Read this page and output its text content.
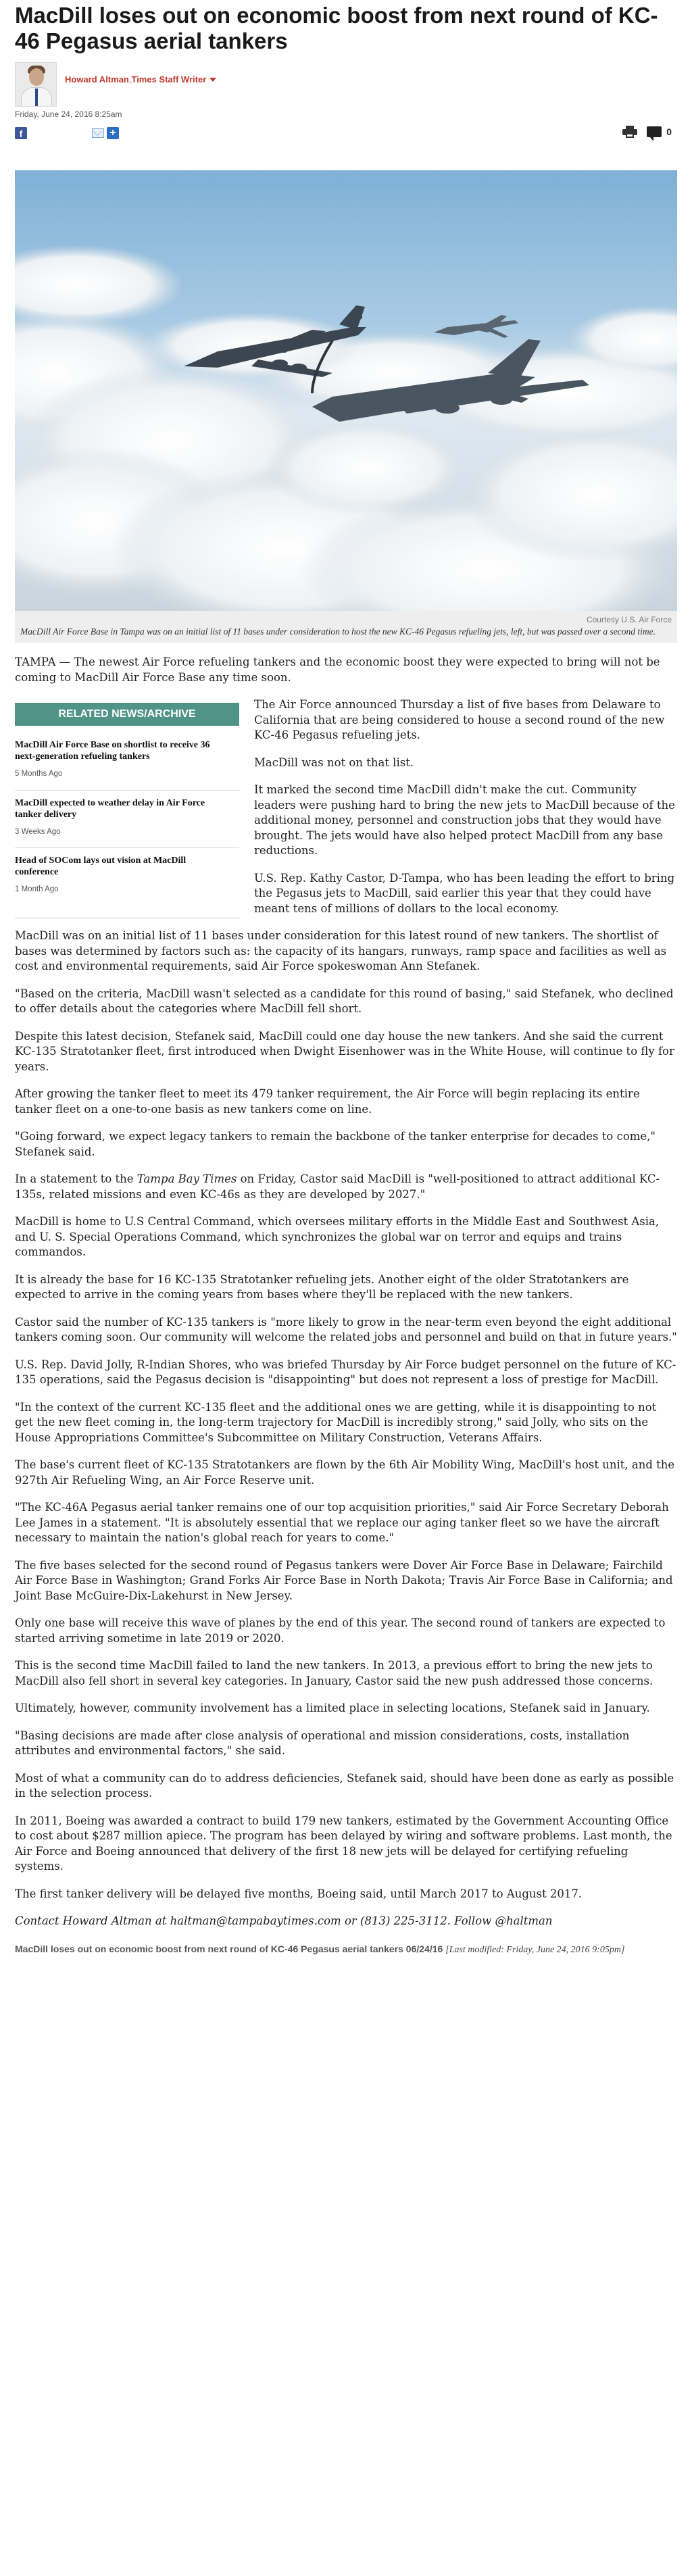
MacDill loses out on economic boost from next round of KC-46 Pegasus aerial tankers
Howard Altman , Times Staff Writer
Friday, June 24, 2016 8:25am
f	+	0
Courtesy U.S. Air Force
MacDill Air Force Base in Tampa was on an initial list of 11 bases under consideration to host the new KC-46 Pegasus refueling jets, left, but was passed over a second time.

TAMPA — The newest Air Force refueling tankers and the economic boost they were expected to bring will not be coming to MacDill Air Force Base any time soon.

RELATED NEWS/ARCHIVE
MacDill Air Force Base on shortlist to receive 36 next-generation refueling tankers
5 Months Ago
MacDill expected to weather delay in Air Force tanker delivery
3 Weeks Ago
Head of SOCom lays out vision at MacDill conference
1 Month Ago

The Air Force announced Thursday a list of five bases from Delaware to California that are being considered to house a second round of the new KC-46 Pegasus refueling jets.

MacDill was not on that list.

It marked the second time MacDill didn't make the cut. Community leaders were pushing hard to bring the new jets to MacDill because of the additional money, personnel and construction jobs that they would have brought. The jets would have also helped protect MacDill from any base reductions.

U.S. Rep. Kathy Castor, D-Tampa, who has been leading the effort to bring the Pegasus jets to MacDill, said earlier this year that they could have meant tens of millions of dollars to the local economy.

MacDill was on an initial list of 11 bases under consideration for this latest round of new tankers. The shortlist of bases was determined by factors such as: the capacity of its hangars, runways, ramp space and facilities as well as cost and environmental requirements, said Air Force spokeswoman Ann Stefanek.

"Based on the criteria, MacDill wasn't selected as a candidate for this round of basing," said Stefanek, who declined to offer details about the categories where MacDill fell short.

Despite this latest decision, Stefanek said, MacDill could one day house the new tankers. And she said the current KC-135 Stratotanker fleet, first introduced when Dwight Eisenhower was in the White House, will continue to fly for years.

After growing the tanker fleet to meet its 479 tanker requirement, the Air Force will begin replacing its entire tanker fleet on a one-to-one basis as new tankers come on line.

"Going forward, we expect legacy tankers to remain the backbone of the tanker enterprise for decades to come," Stefanek said.

In a statement to the Tampa Bay Times on Friday, Castor said MacDill is "well-positioned to attract additional KC-135s, related missions and even KC-46s as they are developed by 2027."

MacDill is home to U.S Central Command, which oversees military efforts in the Middle East and Southwest Asia, and U. S. Special Operations Command, which synchronizes the global war on terror and equips and trains commandos.

It is already the base for 16 KC-135 Stratotanker refueling jets. Another eight of the older Stratotankers are expected to arrive in the coming years from bases where they'll be replaced with the new tankers.

Castor said the number of KC-135 tankers is "more likely to grow in the near-term even beyond the eight additional tankers coming soon. Our community will welcome the related jobs and personnel and build on that in future years."

U.S. Rep. David Jolly, R-Indian Shores, who was briefed Thursday by Air Force budget personnel on the future of KC-135 operations, said the Pegasus decision is "disappointing" but does not represent a loss of prestige for MacDill.

"In the context of the current KC-135 fleet and the additional ones we are getting, while it is disappointing to not get the new fleet coming in, the long-term trajectory for MacDill is incredibly strong," said Jolly, who sits on the House Appropriations Committee's Subcommittee on Military Construction, Veterans Affairs.

The base's current fleet of KC-135 Stratotankers are flown by the 6th Air Mobility Wing, MacDill's host unit, and the 927th Air Refueling Wing, an Air Force Reserve unit.

"The KC-46A Pegasus aerial tanker remains one of our top acquisition priorities," said Air Force Secretary Deborah Lee James in a statement. "It is absolutely essential that we replace our aging tanker fleet so we have the aircraft necessary to maintain the nation's global reach for years to come."

The five bases selected for the second round of Pegasus tankers were Dover Air Force Base in Delaware; Fairchild Air Force Base in Washington; Grand Forks Air Force Base in North Dakota; Travis Air Force Base in California; and Joint Base McGuire-Dix-Lakehurst in New Jersey.

Only one base will receive this wave of planes by the end of this year. The second round of tankers are expected to started arriving sometime in late 2019 or 2020.

This is the second time MacDill failed to land the new tankers. In 2013, a previous effort to bring the new jets to MacDill also fell short in several key categories. In January, Castor said the new push addressed those concerns.

Ultimately, however, community involvement has a limited place in selecting locations, Stefanek said in January.

"Basing decisions are made after close analysis of operational and mission considerations, costs, installation attributes and environmental factors," she said.

Most of what a community can do to address deficiencies, Stefanek said, should have been done as early as possible in the selection process.

In 2011, Boeing was awarded a contract to build 179 new tankers, estimated by the Government Accounting Office to cost about $287 million apiece. The program has been delayed by wiring and software problems. Last month, the Air Force and Boeing announced that delivery of the first 18 new jets will be delayed for certifying refueling systems.

The first tanker delivery will be delayed five months, Boeing said, until March 2017 to August 2017.

Contact Howard Altman at haltman@tampabaytimes.com or (813) 225-3112. Follow @haltman

MacDill loses out on economic boost from next round of KC-46 Pegasus aerial tankers 06/24/16 [Last modified: Friday, June 24, 2016 9:05pm]
